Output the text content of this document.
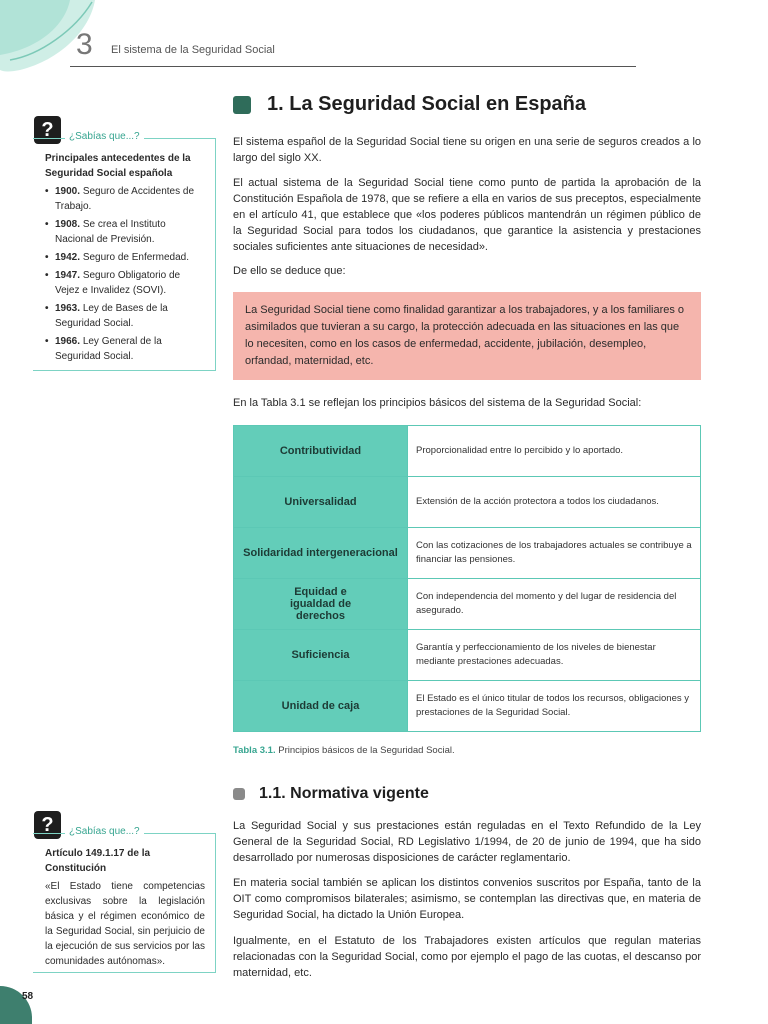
3 El sistema de la Seguridad Social
?	¿Sabías que...?

Principales antecedentes de la Seguridad Social española

• 1900. Seguro de Accidentes de Trabajo.
• 1908. Se crea el Instituto Nacional de Previsión.
• 1942. Seguro de Enfermedad.
• 1947. Seguro Obligatorio de Vejez e Invalidez (SOVI).
• 1963. Ley de Bases de la Seguridad Social.
• 1966. Ley General de la Seguridad Social.
1. La Seguridad Social en España

El sistema español de la Seguridad Social tiene su origen en una serie de seguros creados a lo largo del siglo XX.

El actual sistema de la Seguridad Social tiene como punto de partida la aprobación de la Constitución Española de 1978, que se refiere a ella en varios de sus preceptos, especialmente en el artículo 41, que establece que «los poderes públicos mantendrán un régimen público de la Seguridad Social para todos los ciudadanos, que garantice la asistencia y prestaciones sociales suficientes ante situaciones de necesidad».

De ello se deduce que:

La Seguridad Social tiene como finalidad garantizar a los trabajadores, y a los familiares o asimilados que tuvieran a su cargo, la protección adecuada en las situaciones en las que lo necesiten, como en los casos de enfermedad, accidente, jubilación, desempleo, orfandad, maternidad, etc.

En la Tabla 3.1 se reflejan los principios básicos del sistema de la Seguridad Social:

Contributividad	Proporcionalidad entre lo percibido y lo aportado.
Universalidad	Extensión de la acción protectora a todos los ciudadanos.
Solidaridad intergeneracional	Con las cotizaciones de los trabajadores actuales se contribuye a financiar las pensiones.
Equidad e igualdad de derechos	Con independencia del momento y del lugar de residencia del asegurado.
Suficiencia	Garantía y perfeccionamiento de los niveles de bienestar mediante prestaciones adecuadas.
Unidad de caja	El Estado es el único titular de todos los recursos, obligaciones y prestaciones de la Seguridad Social.
Tabla 3.1. Principios básicos de la Seguridad Social.
1.1. Normativa vigente

La Seguridad Social y sus prestaciones están reguladas en el Texto Refundido de la Ley General de la Seguridad Social, RD Legislativo 1/1994, de 20 de junio de 1994, que ha sido desarrollado por numerosas disposiciones de carácter reglamentario.

En materia social también se aplican los distintos convenios suscritos por España, tanto de la OIT como compromisos bilaterales; asimismo, se contemplan las directivas que, en materia de Seguridad Social, ha dictado la Unión Europea.

Igualmente, en el Estatuto de los Trabajadores existen artículos que regulan materias relacionadas con la Seguridad Social, como por ejemplo el pago de las cuotas, el descanso por maternidad, etc.

?	¿Sabías que...?

Artículo 149.1.17 de la Constitución

«El Estado tiene competencias exclusivas sobre la legislación básica y el régimen económico de la Seguridad Social, sin perjuicio de la ejecución de sus servicios por las comunidades autónomas».

58
